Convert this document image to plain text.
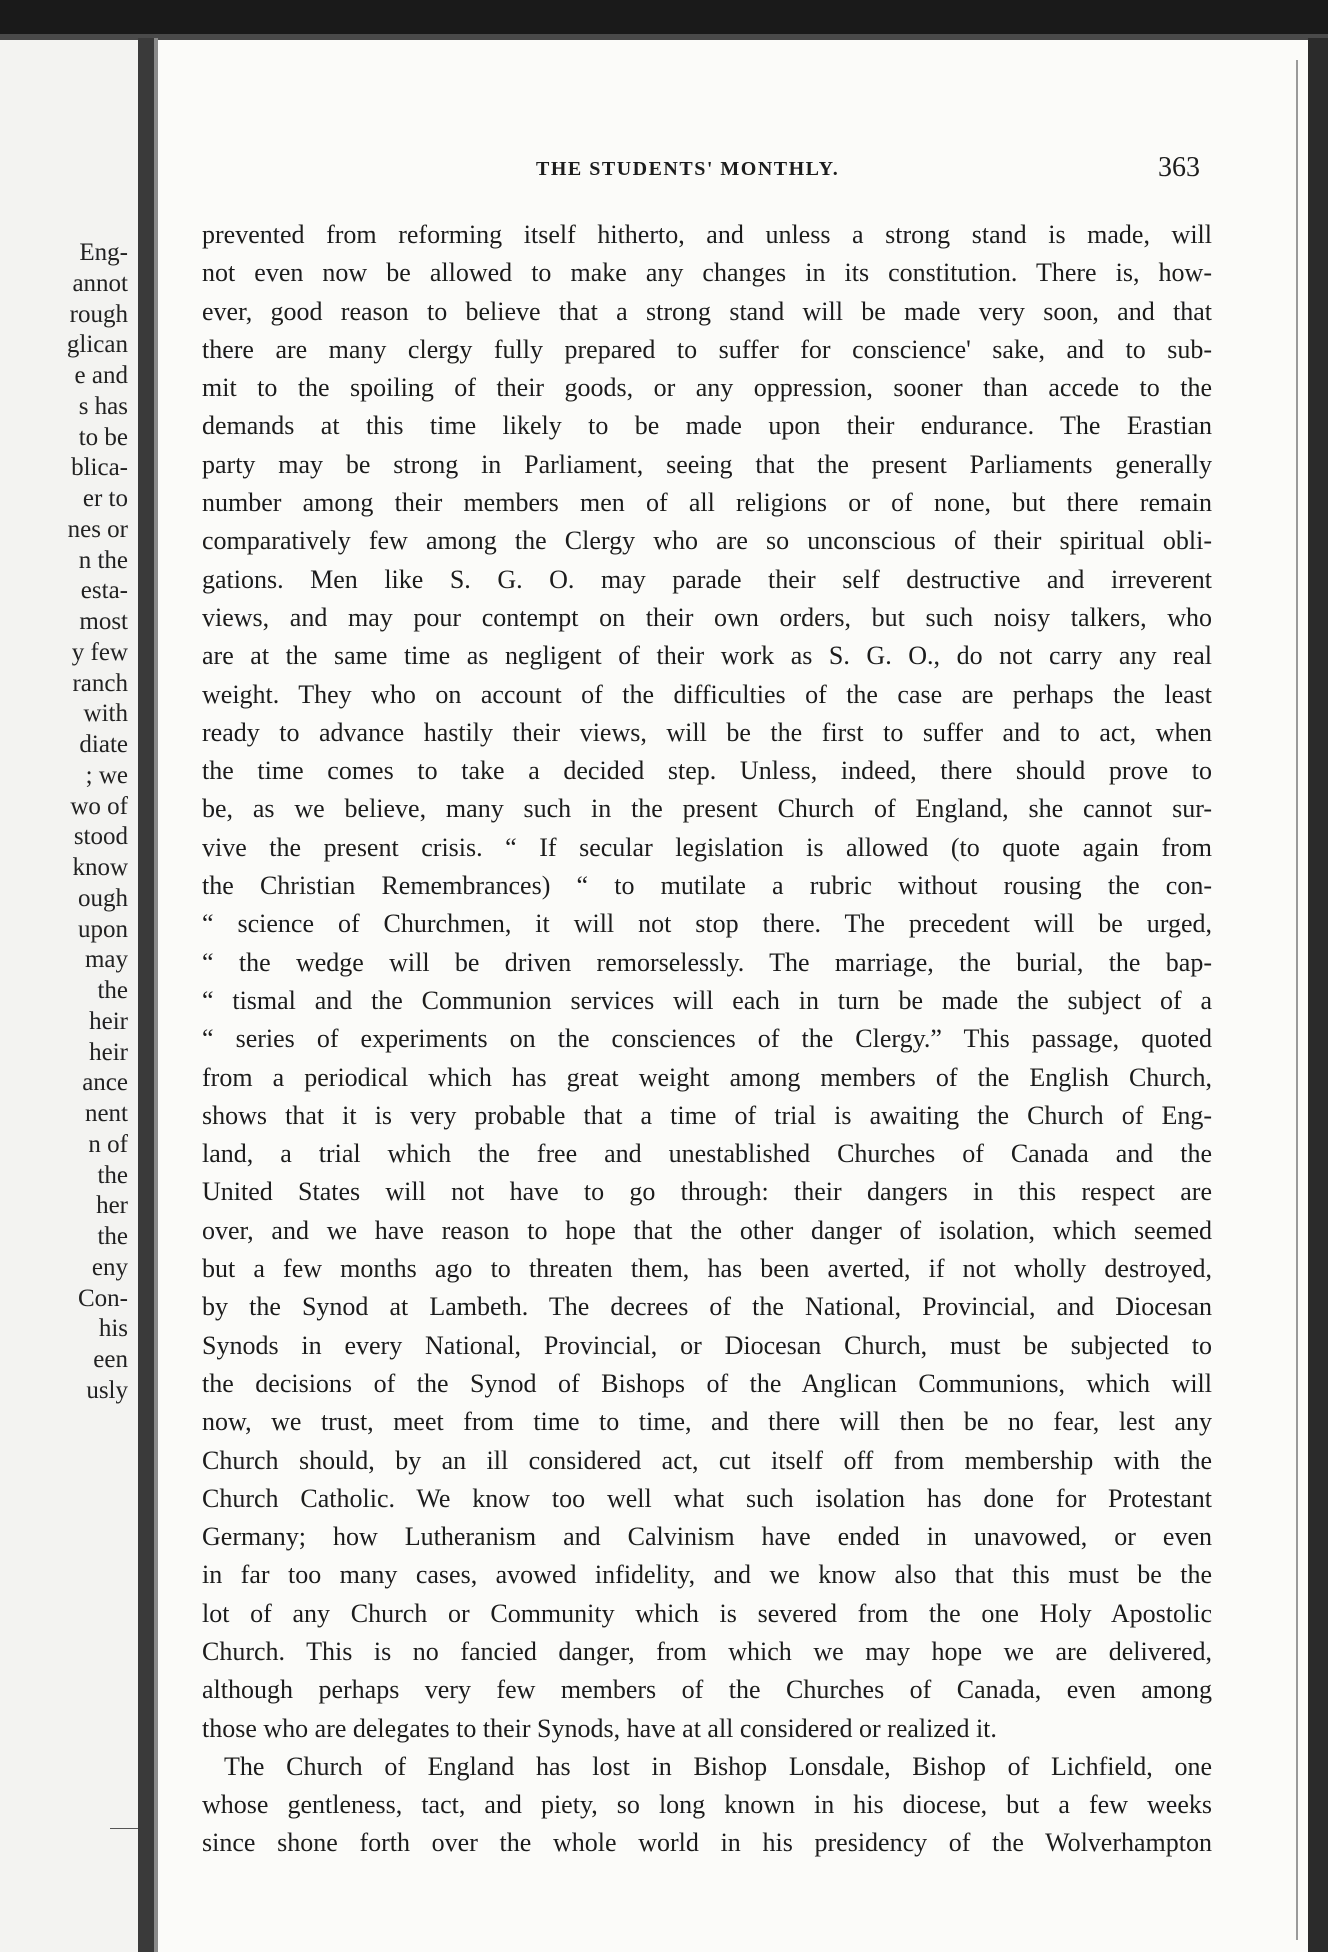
Eng-
annot
rough
glican
e and
s has
to be
blica-
er to
nes or
n the
esta-
most
y few
ranch
with
diate
; we
wo of
stood
know
ough
upon
may
the
heir
heir
ance
nent
n of
the
her
the
eny
Con-
his
een
usly
THE STUDENTS' MONTHLY.	363
prevented from reforming itself hitherto, and unless a strong stand is made, will
not even now be allowed to make any changes in its constitution. There is, how-
ever, good reason to believe that a strong stand will be made very soon, and that
there are many clergy fully prepared to suffer for conscience' sake, and to sub-
mit to the spoiling of their goods, or any oppression, sooner than accede to the
demands at this time likely to be made upon their endurance. The Erastian
party may be strong in Parliament, seeing that the present Parliaments generally
number among their members men of all religions or of none, but there remain
comparatively few among the Clergy who are so unconscious of their spiritual obli-
gations. Men like S. G. O. may parade their self destructive and irreverent
views, and may pour contempt on their own orders, but such noisy talkers, who
are at the same time as negligent of their work as S. G. O., do not carry any real
weight. They who on account of the difficulties of the case are perhaps the least
ready to advance hastily their views, will be the first to suffer and to act, when
the time comes to take a decided step. Unless, indeed, there should prove to
be, as we believe, many such in the present Church of England, she cannot sur-
vive the present crisis. “ If secular legislation is allowed (to quote again from
the Christian Remembrances) “ to mutilate a rubric without rousing the con-
“ science of Churchmen, it will not stop there. The precedent will be urged,
“ the wedge will be driven remorselessly. The marriage, the burial, the bap-
“ tismal and the Communion services will each in turn be made the subject of a
“ series of experiments on the consciences of the Clergy.” This passage, quoted
from a periodical which has great weight among members of the English Church,
shows that it is very probable that a time of trial is awaiting the Church of Eng-
land, a trial which the free and unestablished Churches of Canada and the
United States will not have to go through: their dangers in this respect are
over, and we have reason to hope that the other danger of isolation, which seemed
but a few months ago to threaten them, has been averted, if not wholly destroyed,
by the Synod at Lambeth. The decrees of the National, Provincial, and Diocesan
Synods in every National, Provincial, or Diocesan Church, must be subjected to
the decisions of the Synod of Bishops of the Anglican Communions, which will
now, we trust, meet from time to time, and there will then be no fear, lest any
Church should, by an ill considered act, cut itself off from membership with the
Church Catholic. We know too well what such isolation has done for Protestant
Germany; how Lutheranism and Calvinism have ended in unavowed, or even
in far too many cases, avowed infidelity, and we know also that this must be the
lot of any Church or Community which is severed from the one Holy Apostolic
Church. This is no fancied danger, from which we may hope we are delivered,
although perhaps very few members of the Churches of Canada, even among
those who are delegates to their Synods, have at all considered or realized it.
The Church of England has lost in Bishop Lonsdale, Bishop of Lichfield, one
whose gentleness, tact, and piety, so long known in his diocese, but a few weeks
since shone forth over the whole world in his presidency of the Wolverhampton
